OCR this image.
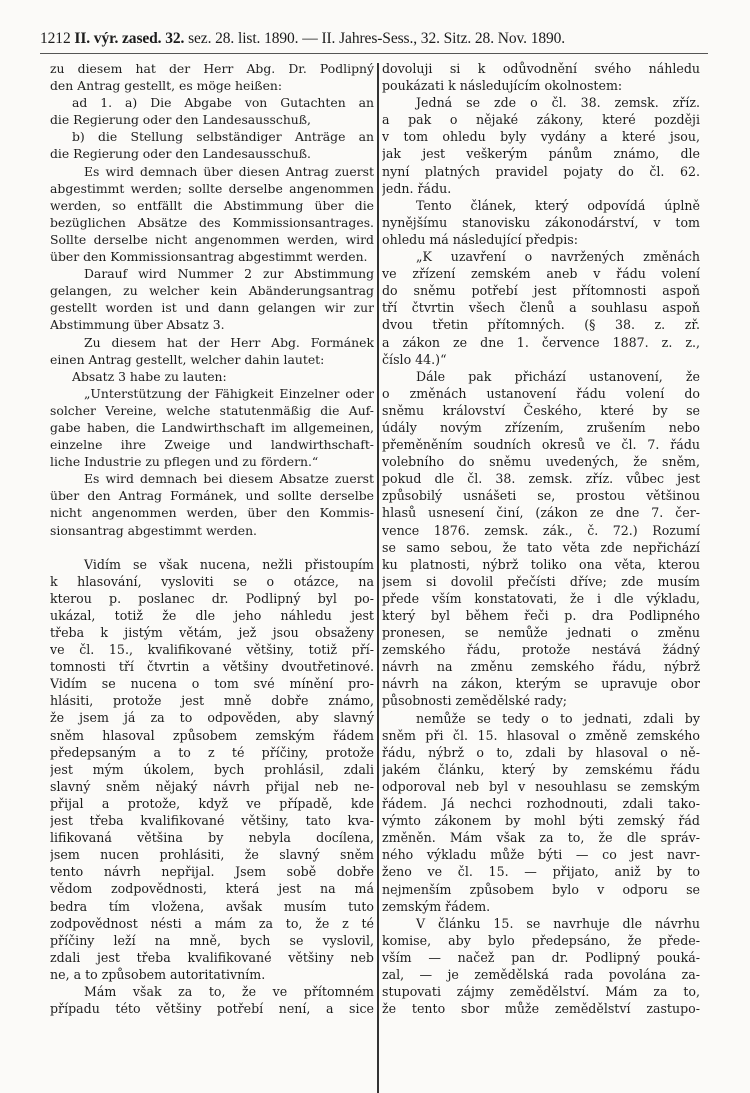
1212 II. výr. zased. 32. sez. 28. list. 1890. — II. Jahres-Sess., 32. Sitz. 28. Nov. 1890.
zu diesem hat der Herr Abg. Dr. Podlipný
den Antrag gestellt, es möge heißen:
ad 1. a) Die Abgabe von Gutachten an
die Regierung oder den Landesausschuß,
b) die Stellung selbständiger Anträge an
die Regierung oder den Landesausschuß.
Es wird demnach über diesen Antrag zuerst
abgestimmt werden; sollte derselbe angenommen
werden, so entfällt die Abstimmung über die
bezüglichen Absätze des Kommissionsantrages.
Sollte derselbe nicht angenommen werden, wird
über den Kommissionsantrag abgestimmt werden.
Darauf wird Nummer 2 zur Abstimmung
gelangen, zu welcher kein Abänderungsantrag
gestellt worden ist und dann gelangen wir zur
Abstimmung über Absatz 3.
Zu diesem hat der Herr Abg. Formánek
einen Antrag gestellt, welcher dahin lautet:
Absatz 3 habe zu lauten:
„Unterstützung der Fähigkeit Einzelner oder
solcher Vereine, welche statutenmäßig die Auf-
gabe haben, die Landwirthschaft im allgemeinen,
einzelne ihre Zweige und landwirthschaft-
liche Industrie zu pflegen und zu fördern.“
Es wird demnach bei diesem Absatze zuerst
über den Antrag Formánek, und sollte derselbe
nicht angenommen werden, über den Kommis-
sionsantrag abgestimmt werden.
Vidím se však nucena, nežli přistoupím
k hlasování, vysloviti se o otázce, na
kterou p. poslanec dr. Podlipný byl po-
ukázal, totiž že dle jeho náhledu jest
třeba k jistým větám, jež jsou obsaženy
ve čl. 15., kvalifikované většiny, totiž pří-
tomnosti tří čtvrtin a většiny dvoutřetinové.
Vidím se nucena o tom své mínění pro-
hlásiti, protože jest mně dobře známo,
že jsem já za to odpověden, aby slavný
sněm hlasoval způsobem zemským řádem
předepsaným a to z té příčiny, protože
jest mým úkolem, bych prohlásil, zdali
slavný sněm nějaký návrh přijal neb ne-
přijal a protože, když ve případě, kde
jest třeba kvalifikované většiny, tato kva-
lifikovaná většina by nebyla docílena,
jsem nucen prohlásiti, že slavný sněm
tento návrh nepřijal. Jsem sobě dobře
vědom zodpovědnosti, která jest na má
bedra tím vložena, avšak musím tuto
zodpovědnost nésti a mám za to, že z té
příčiny leží na mně, bych se vyslovil,
zdali jest třeba kvalifikované většiny neb
ne, a to způsobem autoritativním.
Mám však za to, že ve přítomném
případu této většiny potřebí není, a sice
dovoluji si k odůvodnění svého náhledu
poukázati k následujícím okolnostem:
Jedná se zde o čl. 38. zemsk. zříz.
a pak o nějaké zákony, které později
v tom ohledu byly vydány a které jsou,
jak jest veškerým pánům známo, dle
nyní platných pravidel pojaty do čl. 62.
jedn. řádu.
Tento článek, který odpovídá úplně
nynějšímu stanovisku zákonodárství, v tom
ohledu má následující předpis:
„K uzavření o navržených změnách
ve zřízení zemském aneb v řádu volení
do sněmu potřebí jest přítomnosti aspoň
tří čtvrtin všech členů a souhlasu aspoň
dvou třetin přítomných. (§ 38. z. zř.
a zákon ze dne 1. července 1887. z. z.,
číslo 44.)“
Dále pak přichází ustanovení, že
o změnách ustanovení řádu volení do
sněmu království Českého, které by se
údály novým zřízením, zrušením nebo
přeměněním soudních okresů ve čl. 7. řádu
volebního do sněmu uvedených, že sněm,
pokud dle čl. 38. zemsk. zříz. vůbec jest
způsobilý usnášeti se, prostou většinou
hlasů usnesení činí, (zákon ze dne 7. čer-
vence 1876. zemsk. zák., č. 72.) Rozumí
se samo sebou, že tato věta zde nepřichází
ku platnosti, nýbrž toliko ona věta, kterou
jsem si dovolil přečísti dříve; zde musím
přede vším konstatovati, že i dle výkladu,
který byl během řeči p. dra Podlipného
pronesen, se nemůže jednati o změnu
zemského řádu, protože nestává žádný
návrh na změnu zemského řádu, nýbrž
návrh na zákon, kterým se upravuje obor
působnosti zemědělské rady;
nemůže se tedy o to jednati, zdali by
sněm při čl. 15. hlasoval o změně zemského
řádu, nýbrž o to, zdali by hlasoval o ně-
jakém článku, který by zemskému řádu
odporoval neb byl v nesouhlasu se zemským
řádem. Já nechci rozhodnouti, zdali tako-
výmto zákonem by mohl býti zemský řád
změněn. Mám však za to, že dle správ-
ného výkladu může býti — co jest navr-
ženo ve čl. 15. — přijato, aniž by to
nejmenším způsobem bylo v odporu se
zemským řádem.
V článku 15. se navrhuje dle návrhu
komise, aby bylo předepsáno, že přede-
vším — načež pan dr. Podlipný pouká-
zal, — je zemědělská rada povolána za-
stupovati zájmy zemědělství. Mám za to,
že tento sbor může zemědělství zastupo-
